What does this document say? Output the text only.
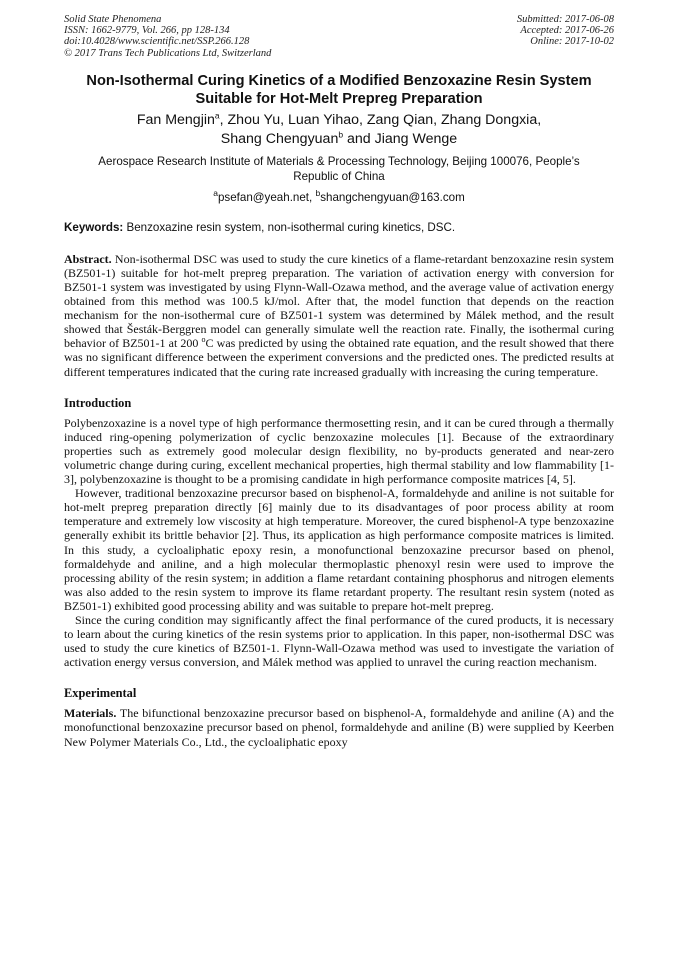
Solid State Phenomena
ISSN: 1662-9779, Vol. 266, pp 128-134
doi:10.4028/www.scientific.net/SSP.266.128
© 2017 Trans Tech Publications Ltd, Switzerland
Submitted: 2017-06-08
Accepted: 2017-06-26
Online: 2017-10-02
Non-Isothermal Curing Kinetics of a Modified Benzoxazine Resin System
Suitable for Hot-Melt Prepreg Preparation
Fan Mengjin$^a$, Zhou Yu, Luan Yihao, Zang Qian, Zhang Dongxia,
Shang Chengyuan$^b$ and Jiang Wenge
Aerospace Research Institute of Materials & Processing Technology, Beijing 100076, People’s
Republic of China
$^a$psefan@yeah.net, $^b$shangchengyuan@163.com
Keywords: Benzoxazine resin system, non-isothermal curing kinetics, DSC.

Abstract. Non-isothermal DSC was used to study the cure kinetics of a flame-retardant benzoxazine resin system (BZ501-1) suitable for hot-melt prepreg preparation. The variation of activation energy with conversion for BZ501-1 system was investigated by using Flynn-Wall-Ozawa method, and the average value of activation energy obtained from this method was 100.5 kJ/mol. After that, the model function that depends on the reaction mechanism for the non-isothermal cure of BZ501-1 system was determined by Málek method, and the result showed that Šesták-Berggren model can generally simulate well the reaction rate. Finally, the isothermal curing behavior of BZ501-1 at 200 $^o$C was predicted by using the obtained rate equation, and the result showed that there was no significant difference between the experiment conversions and the predicted ones. The predicted results at different temperatures indicated that the curing rate increased gradually with increasing the curing temperature.

Introduction

Polybenzoxazine is a novel type of high performance thermosetting resin, and it can be cured through a thermally induced ring-opening polymerization of cyclic benzoxazine molecules [1]. Because of the extraordinary properties such as extremely good molecular design flexibility, no by-products generated and near-zero volumetric change during curing, excellent mechanical properties, high thermal stability and low flammability [1-3], polybenzoxazine is thought to be a promising candidate in high performance composite matrices [4, 5].

However, traditional benzoxazine precursor based on bisphenol-A, formaldehyde and aniline is not suitable for hot-melt prepreg preparation directly [6] mainly due to its disadvantages of poor process ability at room temperature and extremely low viscosity at high temperature. Moreover, the cured bisphenol-A type benzoxazine generally exhibit its brittle behavior [2]. Thus, its application as high performance composite matrices is limited. In this study, a cycloaliphatic epoxy resin, a monofunctional benzoxazine precursor based on phenol, formaldehyde and aniline, and a high molecular thermoplastic phenoxyl resin were used to improve the processing ability of the resin system; in addition a flame retardant containing phosphorus and nitrogen elements was also added to the resin system to improve its flame retardant property. The resultant resin system (noted as BZ501-1) exhibited good processing ability and was suitable to prepare hot-melt prepreg.

Since the curing condition may significantly affect the final performance of the cured products, it is necessary to learn about the curing kinetics of the resin systems prior to application. In this paper, non-isothermal DSC was used to study the cure kinetics of BZ501-1. Flynn-Wall-Ozawa method was used to investigate the variation of activation energy versus conversion, and Málek method was applied to unravel the curing reaction mechanism.

Experimental

Materials. The bifunctional benzoxazine precursor based on bisphenol-A, formaldehyde and aniline (A) and the monofunctional benzoxazine precursor based on phenol, formaldehyde and aniline (B) were supplied by Keerben New Polymer Materials Co., Ltd., the cycloaliphatic epoxy
